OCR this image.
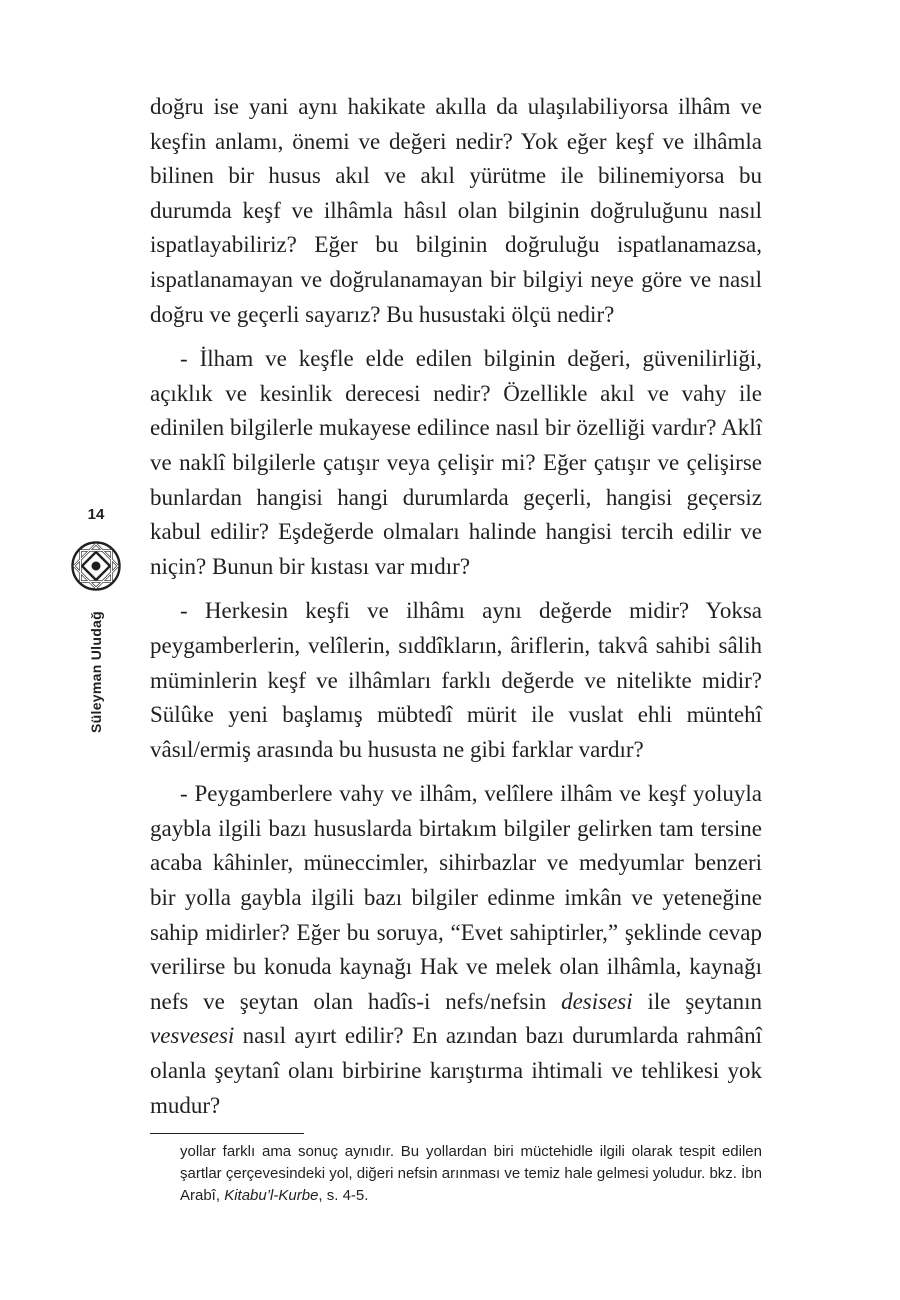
doğru ise yani aynı hakikate akılla da ulaşılabiliyorsa ilhâm ve keşfin anlamı, önemi ve değeri nedir? Yok eğer keşf ve ilhâmla bilinen bir husus akıl ve akıl yürütme ile bilinemiyorsa bu durumda keşf ve ilhâmla hâsıl olan bilginin doğruluğunu nasıl ispatlayabiliriz? Eğer bu bilginin doğruluğu ispatlanamazsa, ispatlanamayan ve doğrulanamayan bir bilgiyi neye göre ve nasıl doğru ve geçerli sayarız? Bu husustaki ölçü nedir?

- İlham ve keşfle elde edilen bilginin değeri, güvenilirliği, açıklık ve kesinlik derecesi nedir? Özellikle akıl ve vahy ile edinilen bilgilerle mukayese edilince nasıl bir özelliği vardır? Aklî ve naklî bilgilerle çatışır veya çelişir mi? Eğer çatışır ve çelişirse bunlardan hangisi hangi durumlarda geçerli, hangisi geçersiz kabul edilir? Eşdeğerde olmaları halinde hangisi tercih edilir ve niçin? Bunun bir kıstası var mıdır?

- Herkesin keşfi ve ilhâmı aynı değerde midir? Yoksa peygamberlerin, velîlerin, sıddîkların, âriflerin, takvâ sahibi sâlih müminlerin keşf ve ilhâmları farklı değerde ve nitelikte midir? Sülûke yeni başlamış mübtedî mürit ile vuslat ehli müntehî vâsıl/ermiş arasında bu hususta ne gibi farklar vardır?

- Peygamberlere vahy ve ilhâm, velîlere ilhâm ve keşf yoluyla gaybla ilgili bazı hususlarda birtakım bilgiler gelirken tam tersine acaba kâhinler, müneccimler, sihirbazlar ve medyumlar benzeri bir yolla gaybla ilgili bazı bilgiler edinme imkân ve yeteneğine sahip midirler? Eğer bu soruya, “Evet sahiptirler,” şeklinde cevap verilirse bu konuda kaynağı Hak ve melek olan ilhâmla, kaynağı nefs ve şeytan olan hadîs-i nefs/nefsin desisesi ile şeytanın vesvesesi nasıl ayırt edilir? En azından bazı durumlarda rahmânî olanla şeytanî olanı birbirine karıştırma ihtimali ve tehlikesi yok mudur?

14
Süleyman Uludağ
yollar farklı ama sonuç aynıdır. Bu yollardan biri müctehidle ilgili olarak tespit edilen şartlar çerçevesindeki yol, diğeri nefsin arınması ve temiz hale gelmesi yoludur. bkz. İbn Arabî, Kitabu’l-Kurbe, s. 4-5.
